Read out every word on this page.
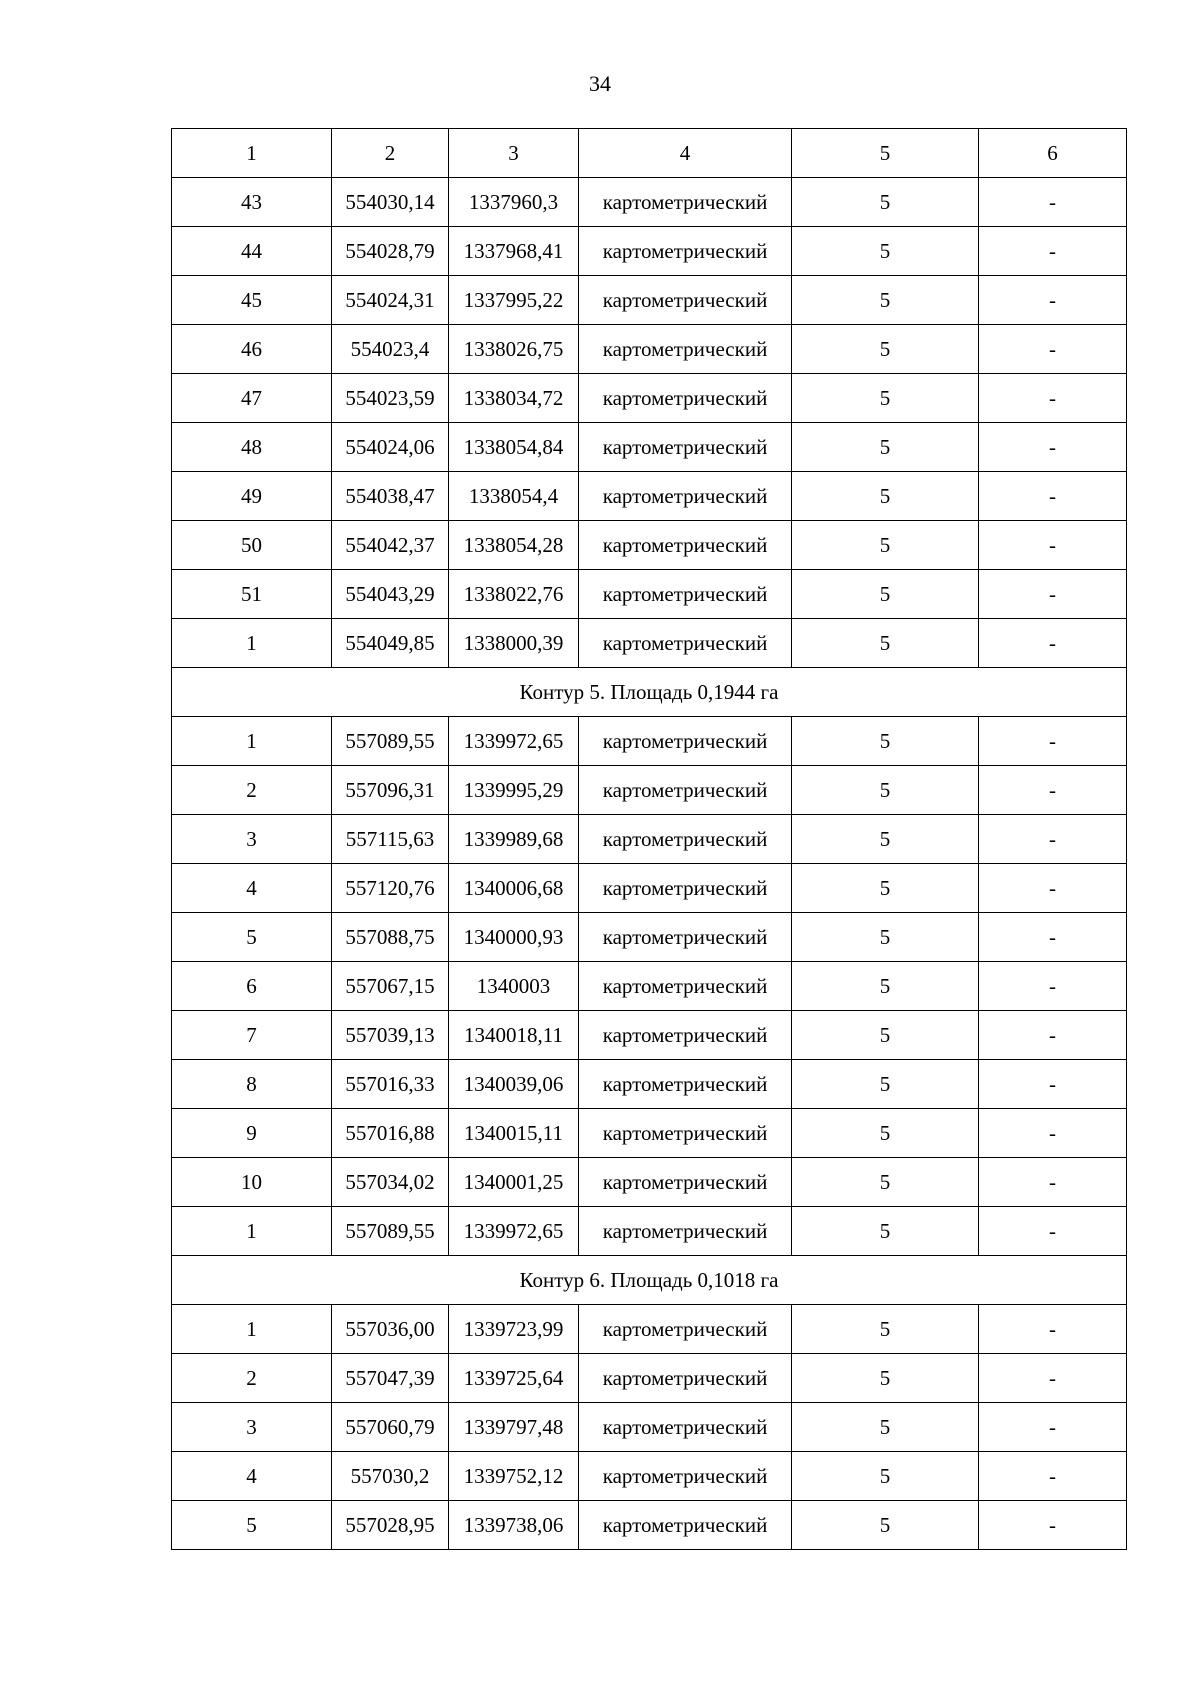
34
1	2	3	4	5	6
43	554030,14	1337960,3	картометрический	5	-
44	554028,79	1337968,41	картометрический	5	-
45	554024,31	1337995,22	картометрический	5	-
46	554023,4	1338026,75	картометрический	5	-
47	554023,59	1338034,72	картометрический	5	-
48	554024,06	1338054,84	картометрический	5	-
49	554038,47	1338054,4	картометрический	5	-
50	554042,37	1338054,28	картометрический	5	-
51	554043,29	1338022,76	картометрический	5	-
1	554049,85	1338000,39	картометрический	5	-
Контур 5. Площадь 0,1944 га					
1	557089,55	1339972,65	картометрический	5	-
2	557096,31	1339995,29	картометрический	5	-
3	557115,63	1339989,68	картометрический	5	-
4	557120,76	1340006,68	картометрический	5	-
5	557088,75	1340000,93	картометрический	5	-
6	557067,15	1340003	картометрический	5	-
7	557039,13	1340018,11	картометрический	5	-
8	557016,33	1340039,06	картометрический	5	-
9	557016,88	1340015,11	картометрический	5	-
10	557034,02	1340001,25	картометрический	5	-
1	557089,55	1339972,65	картометрический	5	-
Контур 6. Площадь 0,1018 га					
1	557036,00	1339723,99	картометрический	5	-
2	557047,39	1339725,64	картометрический	5	-
3	557060,79	1339797,48	картометрический	5	-
4	557030,2	1339752,12	картометрический	5	-
5	557028,95	1339738,06	картометрический	5	-
